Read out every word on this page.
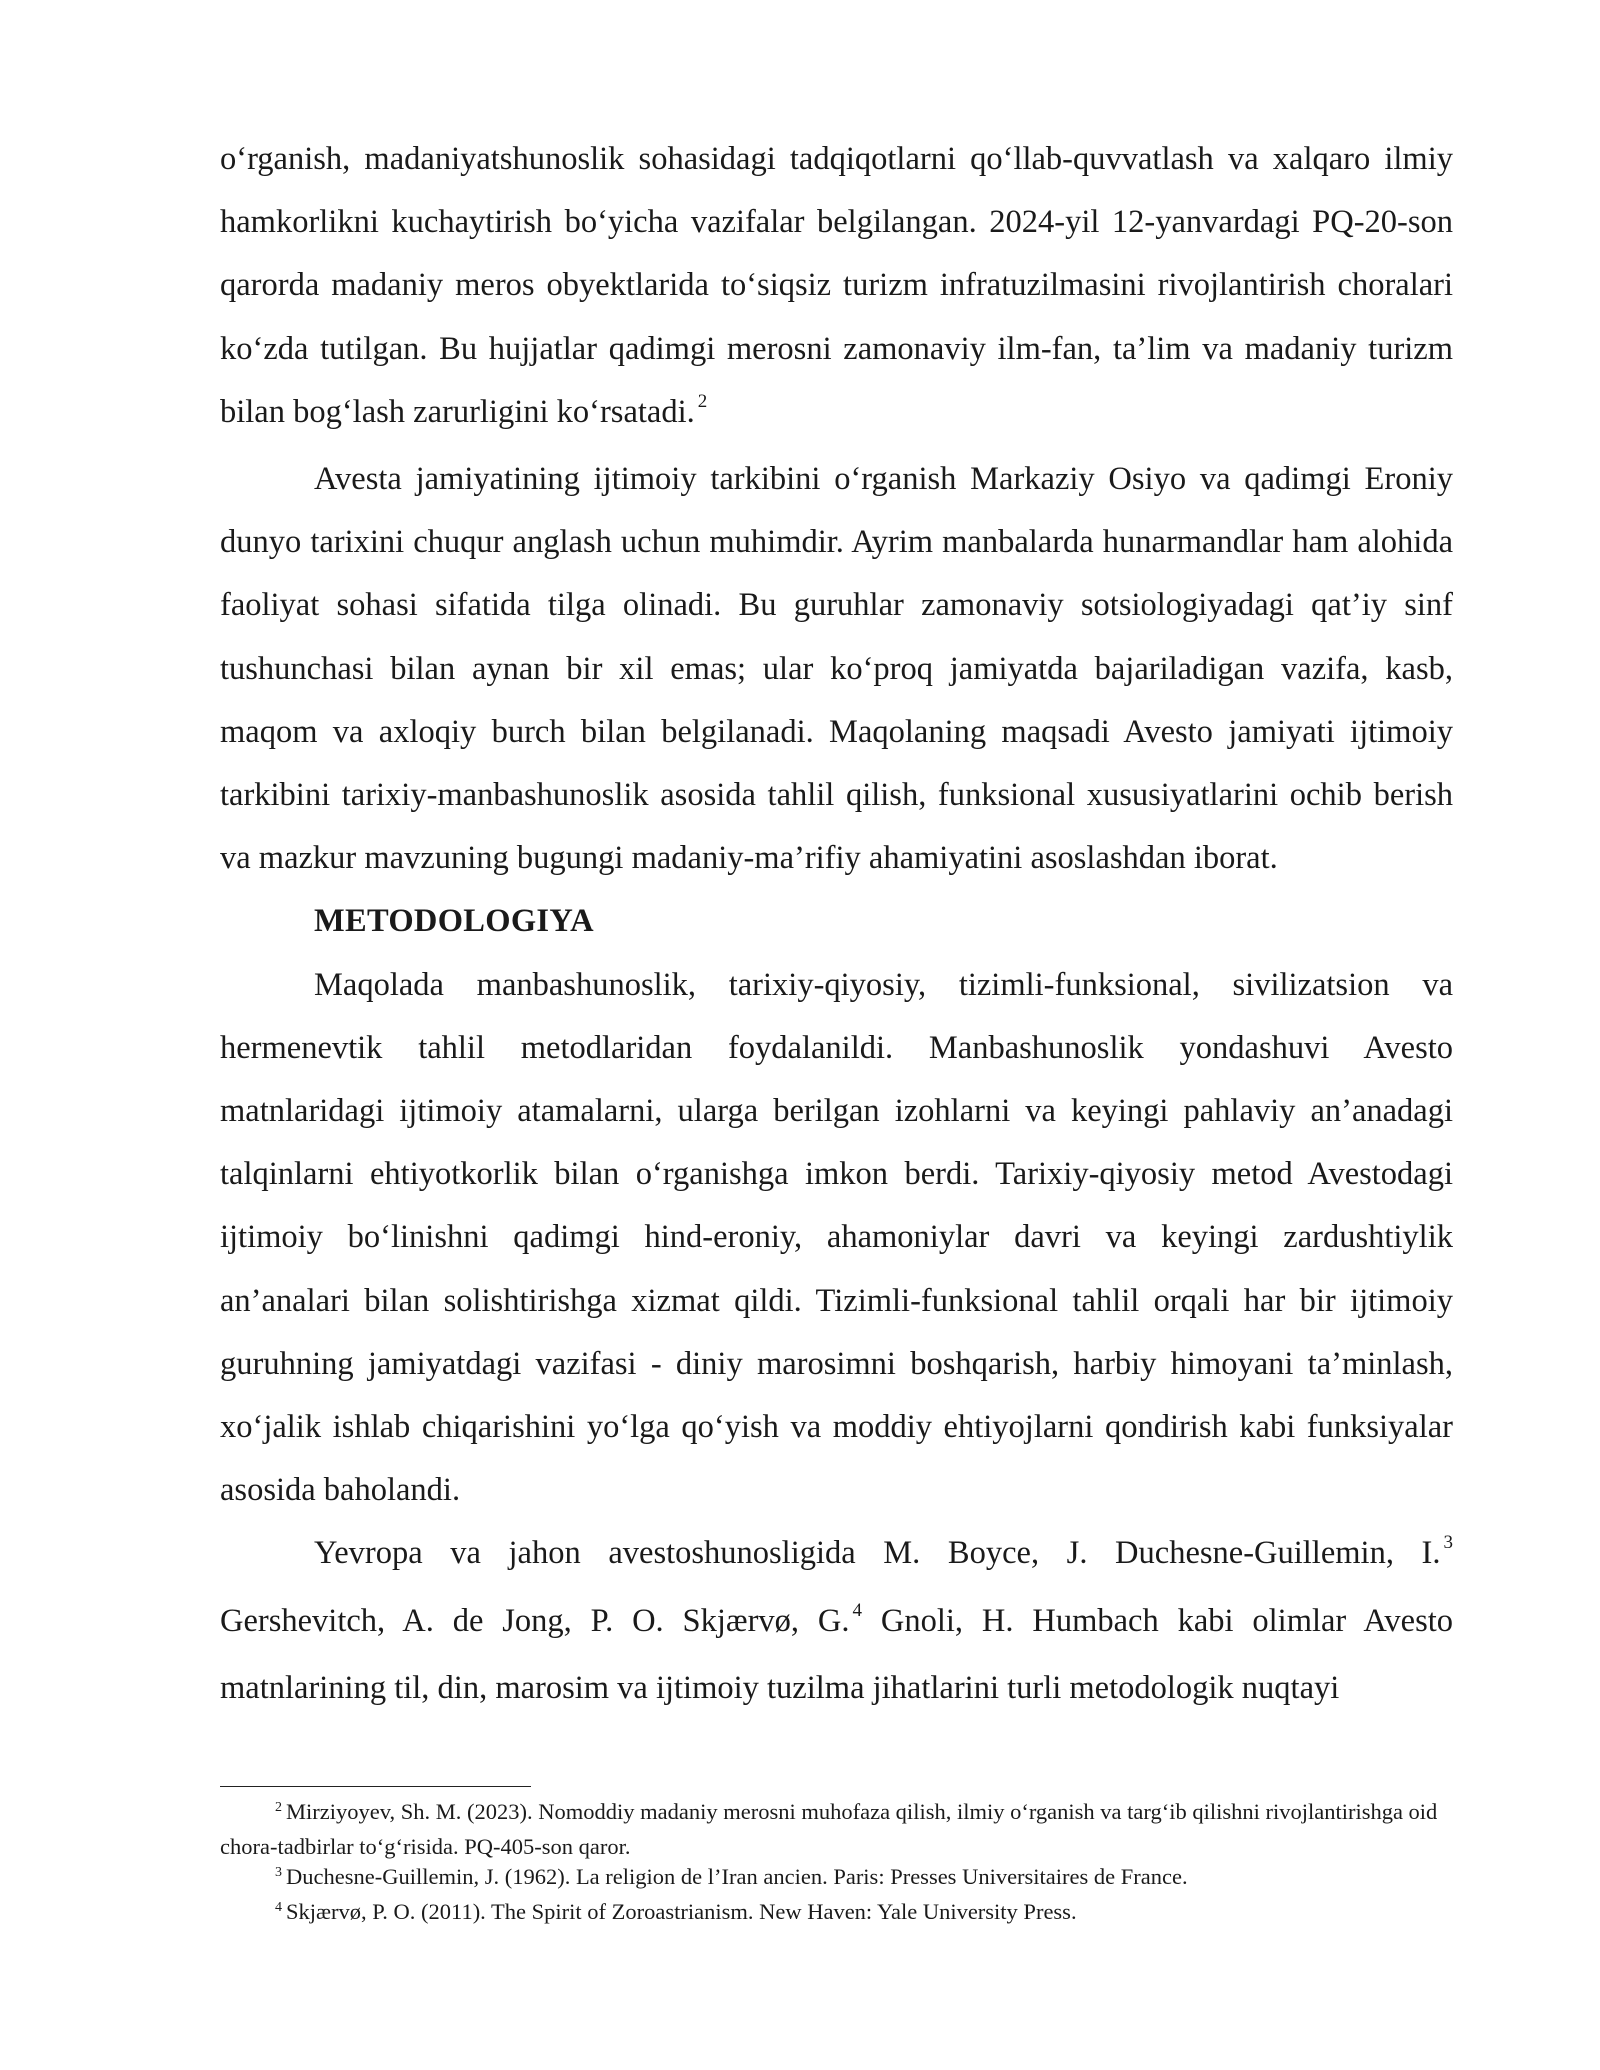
o‘rganish, madaniyatshunoslik sohasidagi tadqiqotlarni qo‘llab-quvvatlash va xalqaro ilmiy hamkorlikni kuchaytirish bo‘yicha vazifalar belgilangan. 2024-yil 12-yanvardagi PQ-20-son qarorda madaniy meros obyektlarida to‘siqsiz turizm infratuzilmasini rivojlantirish choralari ko‘zda tutilgan. Bu hujjatlar qadimgi merosni zamonaviy ilm-fan, ta’lim va madaniy turizm bilan bog‘lash zarurligini ko‘rsatadi. $^2$

Avesta jamiyatining ijtimoiy tarkibini o‘rganish Markaziy Osiyo va qadimgi Eroniy dunyo tarixini chuqur anglash uchun muhimdir. Ayrim manbalarda hunarmandlar ham alohida faoliyat sohasi sifatida tilga olinadi. Bu guruhlar zamonaviy sotsiologiyadagi qat’iy sinf tushunchasi bilan aynan bir xil emas; ular ko‘proq jamiyatda bajariladigan vazifa, kasb, maqom va axloqiy burch bilan belgilanadi. Maqolaning maqsadi Avesto jamiyati ijtimoiy tarkibini tarixiy-manbashunoslik asosida tahlil qilish, funksional xususiyatlarini ochib berish va mazkur mavzuning bugungi madaniy-ma’rifiy ahamiyatini asoslashdan iborat.

METODOLOGIYA

Maqolada manbashunoslik, tarixiy-qiyosiy, tizimli-funksional, sivilizatsion va hermenevtik tahlil metodlaridan foydalanildi. Manbashunoslik yondashuvi Avesto matnlaridagi ijtimoiy atamalarni, ularga berilgan izohlarni va keyingi pahlaviy an’anadagi talqinlarni ehtiyotkorlik bilan o‘rganishga imkon berdi. Tarixiy-qiyosiy metod Avestodagi ijtimoiy bo‘linishni qadimgi hind-eroniy, ahamoniylar davri va keyingi zardushtiylik an’analari bilan solishtirishga xizmat qildi. Tizimli-funksional tahlil orqali har bir ijtimoiy guruhning jamiyatdagi vazifasi - diniy marosimni boshqarish, harbiy himoyani ta’minlash, xo‘jalik ishlab chiqarishini yo‘lga qo‘yish va moddiy ehtiyojlarni qondirish kabi funksiyalar asosida baholandi.

Yevropa va jahon avestoshunosligida M. Boyce, J. Duchesne-Guillemin, I. $^3$ Gershevitch, A. de Jong, P. O. Skjærvø, G. $^4$ Gnoli, H. Humbach kabi olimlar Avesto matnlarining til, din, marosim va ijtimoiy tuzilma jihatlarini turli metodologik nuqtayi

$^2$ Mirziyoyev, Sh. M. (2023). Nomoddiy madaniy merosni muhofaza qilish, ilmiy o‘rganish va targ‘ib qilishni rivojlantirishga oid chora-tadbirlar to‘g‘risida. PQ-405-son qaror.

$^3$ Duchesne-Guillemin, J. (1962). La religion de l’Iran ancien. Paris: Presses Universitaires de France.

$^4$ Skjærvø, P. O. (2011). The Spirit of Zoroastrianism. New Haven: Yale University Press.
